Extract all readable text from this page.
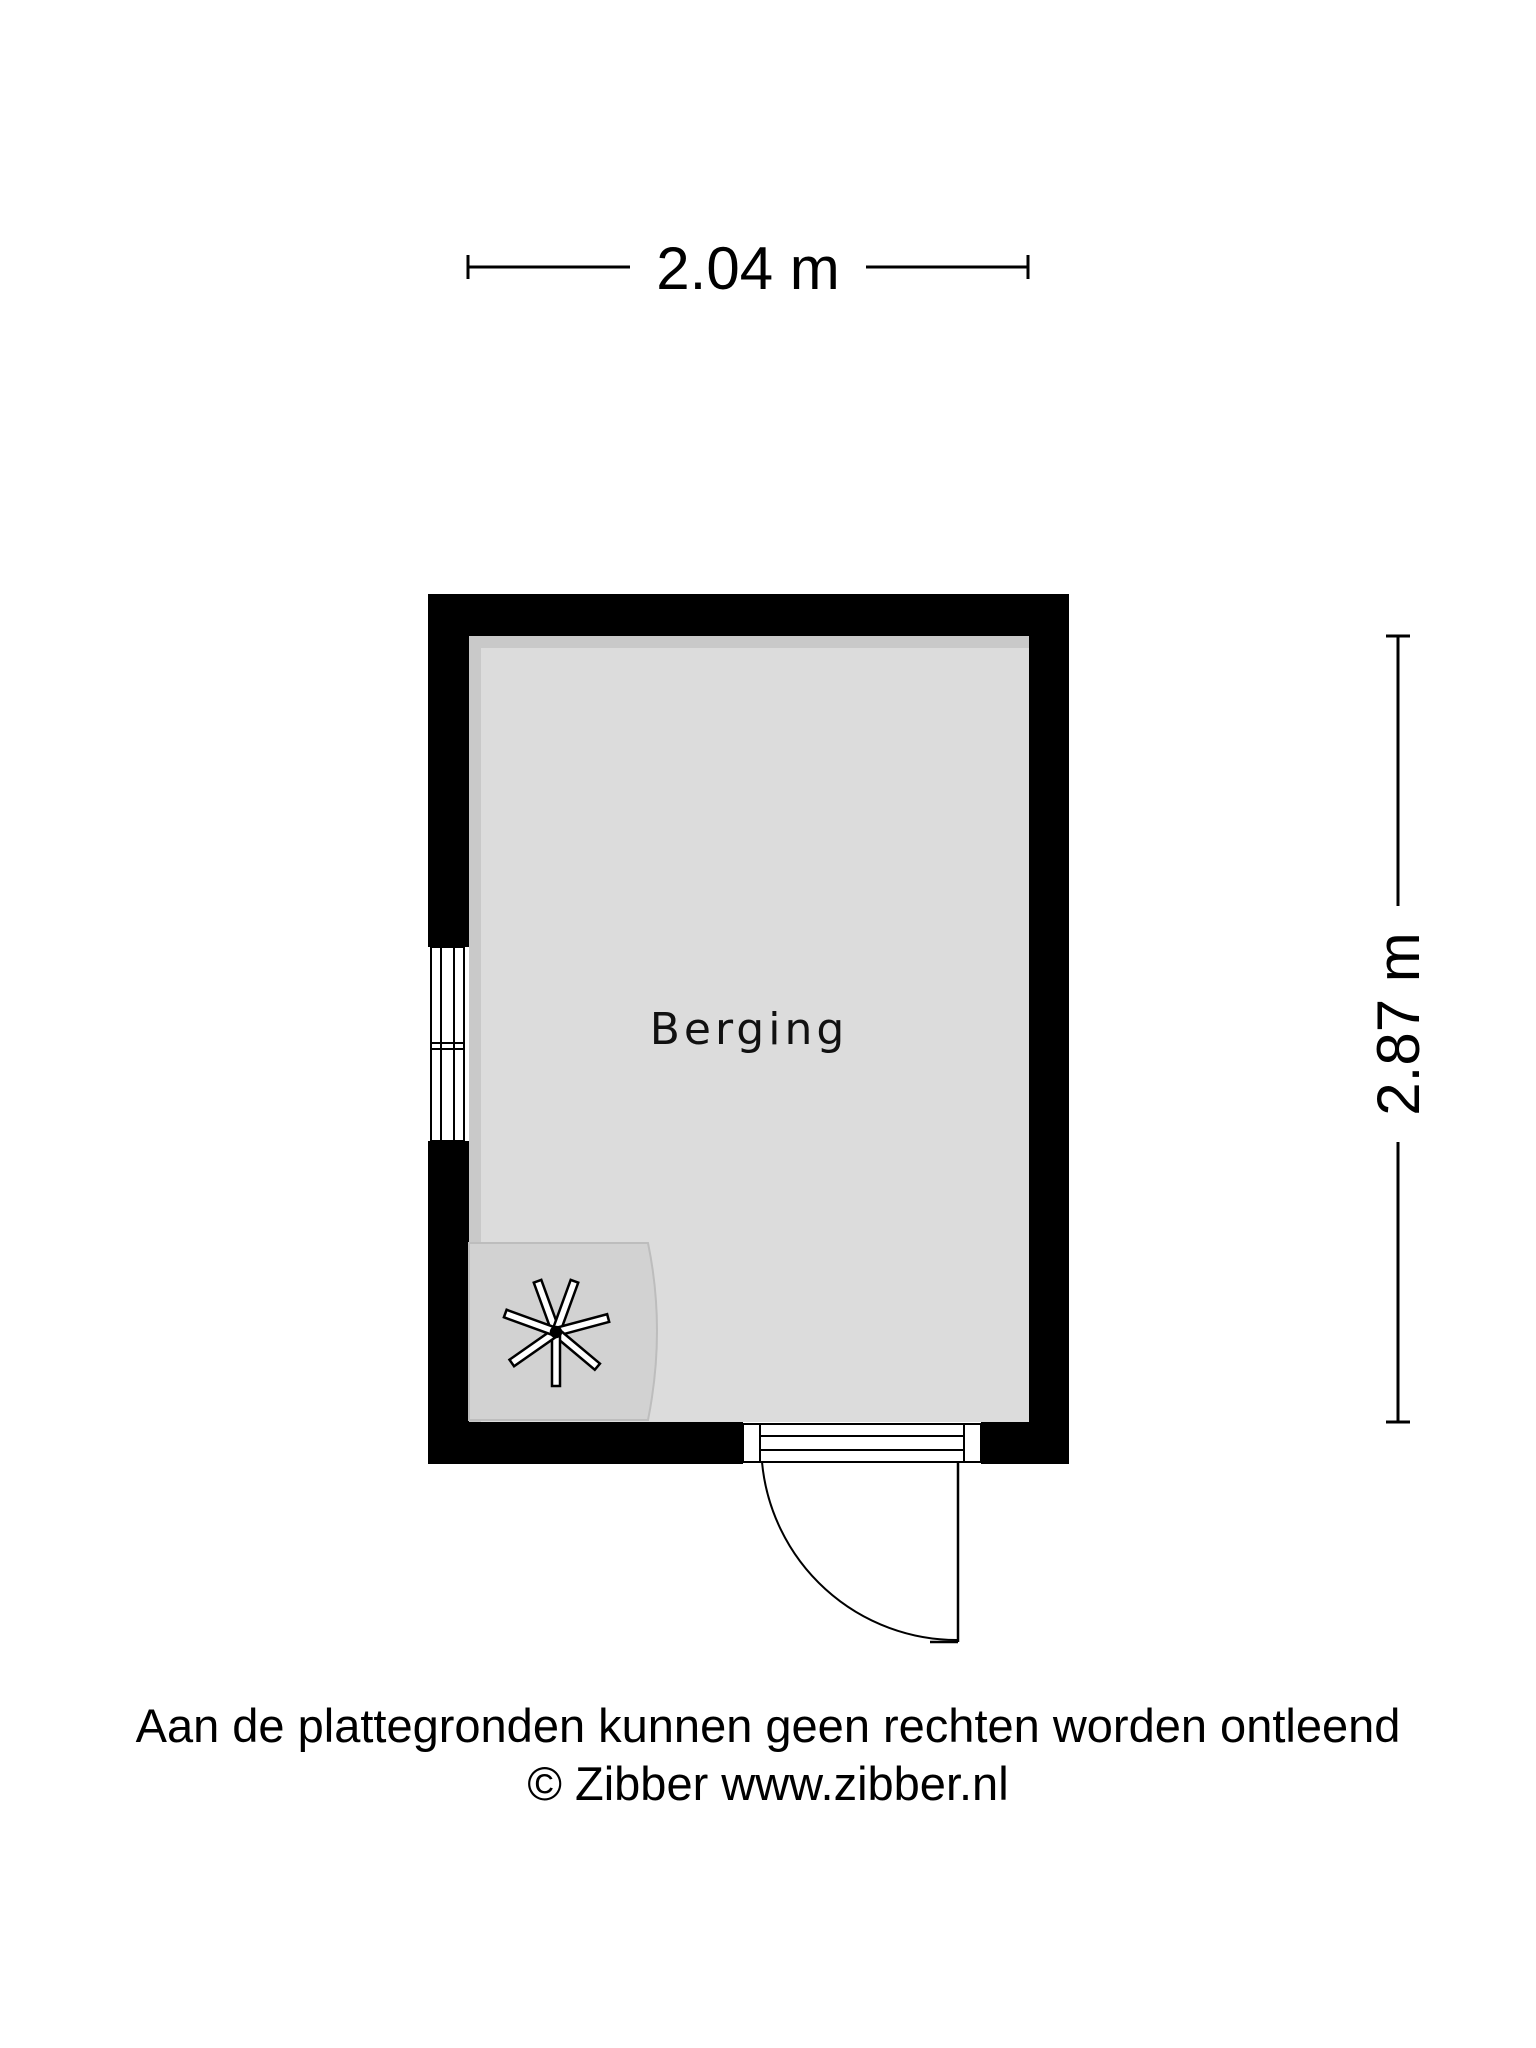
2.04 m
2.87 m
Berging
Aan de plattegronden kunnen geen rechten worden ontleend
© Zibber www.zibber.nl
